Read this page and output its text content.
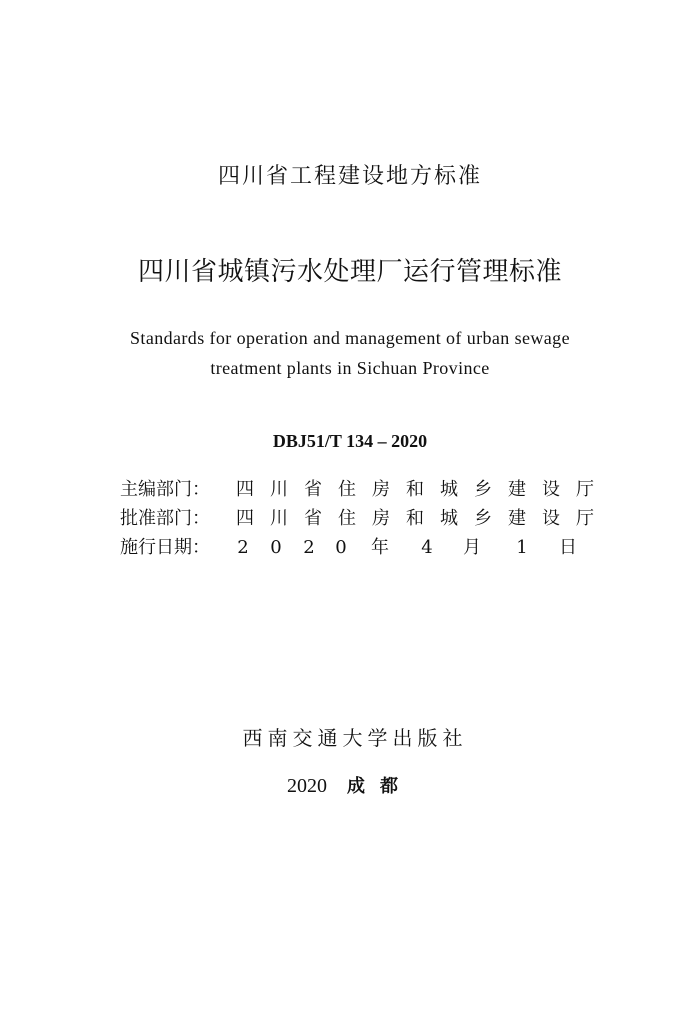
四川省工程建设地方标准
四川省城镇污水处理厂运行管理标准
Standards for operation and management of urban sewage
treatment plants in Sichuan Province
DBJ51/T 134 – 2020
主编部门： 四 川 省 住 房 和 城 乡 建 设 厅
批准部门： 四 川 省 住 房 和 城 乡 建 设 厅
施行日期： 2 0 2 0 年 4 月 1 日
西南交通大学出版社
2020 成都
